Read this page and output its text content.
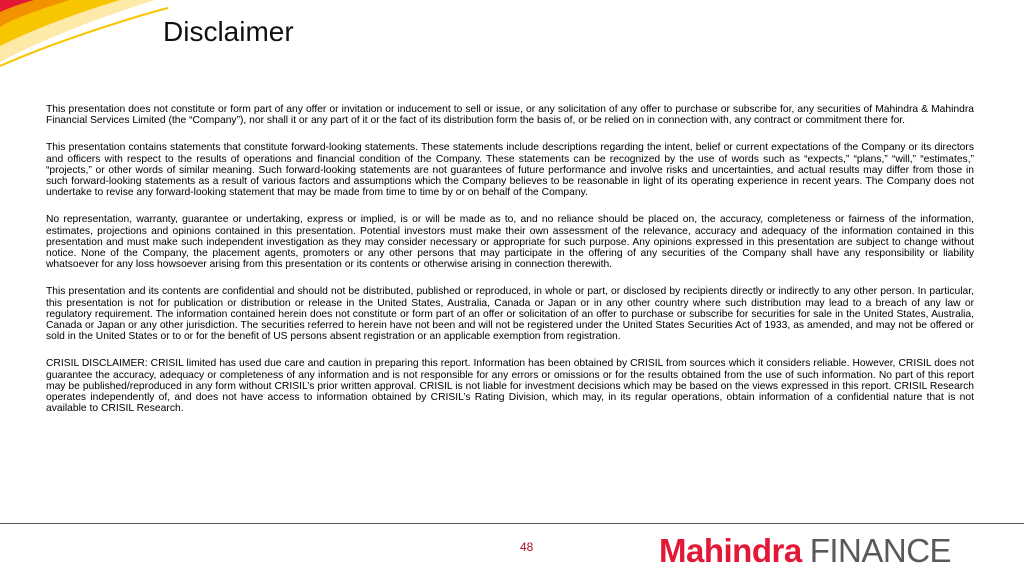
Disclaimer

This presentation does not constitute or form part of any offer or invitation or inducement to sell or issue, or any solicitation of any offer to purchase or subscribe for, any securities of Mahindra & Mahindra Financial Services Limited (the “Company”), nor shall it or any part of it or the fact of its distribution form the basis of, or be relied on in connection with, any contract or commitment there for.

This presentation contains statements that constitute forward-looking statements. These statements include descriptions regarding the intent, belief or current expectations of the Company or its directors and officers with respect to the results of operations and financial condition of the Company. These statements can be recognized by the use of words such as “expects,” “plans,” “will,” “estimates,” “projects,” or other words of similar meaning. Such forward-looking statements are not guarantees of future performance and involve risks and uncertainties, and actual results may differ from those in such forward-looking statements as a result of various factors and assumptions which the Company believes to be reasonable in light of its operating experience in recent years. The Company does not undertake to revise any forward-looking statement that may be made from time to time by or on behalf of the Company.

No representation, warranty, guarantee or undertaking, express or implied, is or will be made as to, and no reliance should be placed on, the accuracy, completeness or fairness of the information, estimates, projections and opinions contained in this presentation. Potential investors must make their own assessment of the relevance, accuracy and adequacy of the information contained in this presentation and must make such independent investigation as they may consider necessary or appropriate for such purpose. Any opinions expressed in this presentation are subject to change without notice. None of the Company, the placement agents, promoters or any other persons that may participate in the offering of any securities of the Company shall have any responsibility or liability whatsoever for any loss howsoever arising from this presentation or its contents or otherwise arising in connection therewith.

This presentation and its contents are confidential and should not be distributed, published or reproduced, in whole or part, or disclosed by recipients directly or indirectly to any other person. In particular, this presentation is not for publication or distribution or release in the United States, Australia, Canada or Japan or in any other country where such distribution may lead to a breach of any law or regulatory requirement. The information contained herein does not constitute or form part of an offer or solicitation of an offer to purchase or subscribe for securities for sale in the United States, Australia, Canada or Japan or any other jurisdiction. The securities referred to herein have not been and will not be registered under the United States Securities Act of 1933, as amended, and may not be offered or sold in the United States or to or for the benefit of US persons absent registration or an applicable exemption from registration.

CRISIL DISCLAIMER: CRISIL limited has used due care and caution in preparing this report. Information has been obtained by CRISIL from sources which it considers reliable. However, CRISIL does not guarantee the accuracy, adequacy or completeness of any information and is not responsible for any errors or omissions or for the results obtained from the use of such information. No part of this report may be published/reproduced in any form without CRISIL’s prior written approval. CRISIL is not liable for investment decisions which may be based on the views expressed in this report. CRISIL Research operates independently of, and does not have access to information obtained by CRISIL’s Rating Division, which may, in its regular operations, obtain information of a confidential nature that is not available to CRISIL Research.

48	Mahindra FINANCE
